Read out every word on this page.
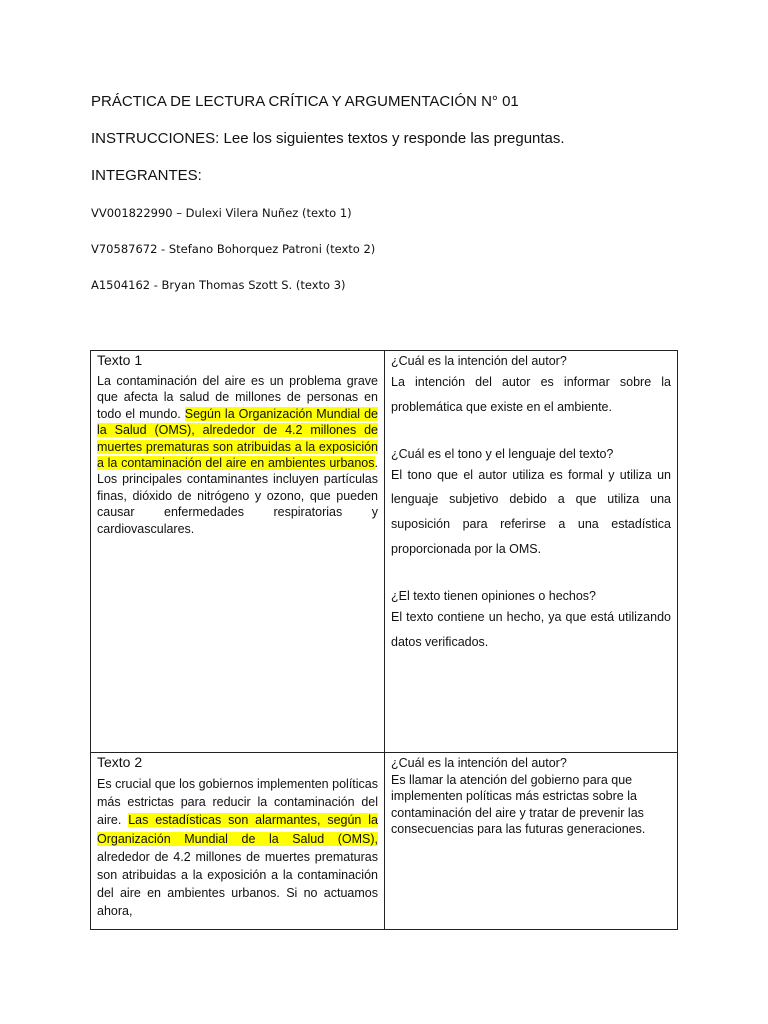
PRÁCTICA DE LECTURA CRÍTICA Y ARGUMENTACIÓN N° 01

INSTRUCCIONES: Lee los siguientes textos y responde las preguntas.

INTEGRANTES:

VV001822990 – Dulexi Vilera Nuñez (texto 1)

V70587672 - Stefano Bohorquez Patroni (texto 2)

A1504162 - Bryan Thomas Szott S. (texto 3)

Texto 1

La contaminación del aire es un problema grave que afecta la salud de millones de personas en todo el mundo. Según la Organización Mundial de la Salud (OMS), alrededor de 4.2 millones de muertes prematuras son atribuidas a la exposición a la contaminación del aire en ambientes urbanos. Los principales contaminantes incluyen partículas finas, dióxido de nitrógeno y ozono, que pueden causar enfermedades respiratorias y cardiovasculares.

¿Cuál es la intención del autor?

La intención del autor es informar sobre la problemática que existe en el ambiente.

¿Cuál es el tono y el lenguaje del texto?

El tono que el autor utiliza es formal y utiliza un lenguaje subjetivo debido a que utiliza una suposición para referirse a una estadística proporcionada por la OMS.

¿El texto tienen opiniones o hechos?

El texto contiene un hecho, ya que está utilizando datos verificados.

Texto 2

Es crucial que los gobiernos implementen políticas más estrictas para reducir la contaminación del aire. Las estadísticas son alarmantes, según la Organización Mundial de la Salud (OMS), alrededor de 4.2 millones de muertes prematuras son atribuidas a la exposición a la contaminación del aire en ambientes urbanos. Si no actuamos ahora,

¿Cuál es la intención del autor?

Es llamar la atención del gobierno para que implementen políticas más estrictas sobre la contaminación del aire y tratar de prevenir las consecuencias para las futuras generaciones.
